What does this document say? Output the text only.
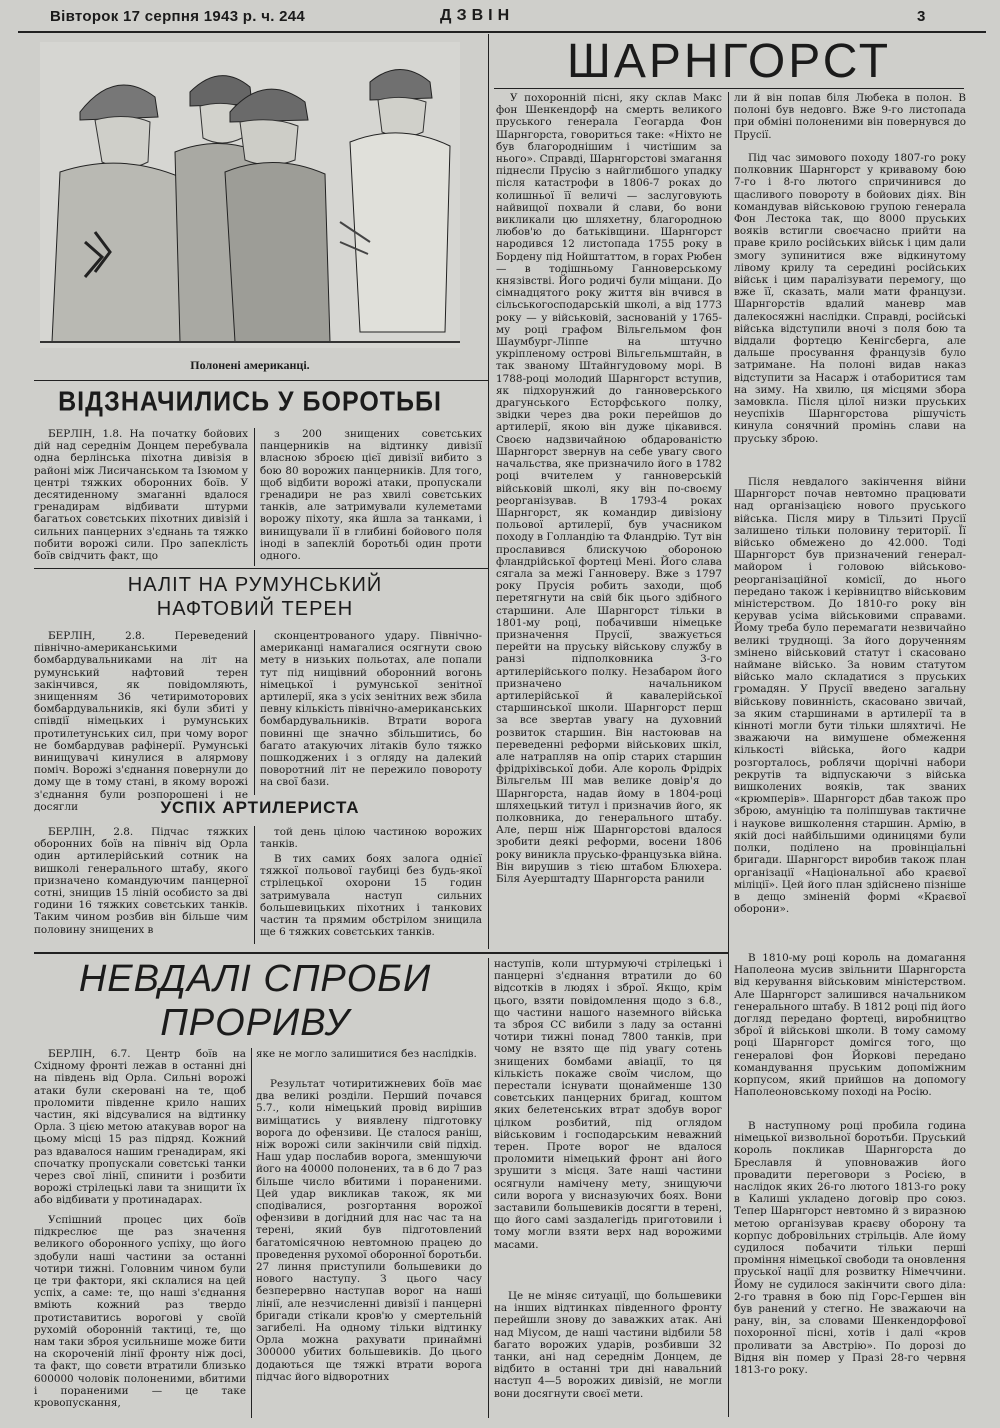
Вівторок 17 серпня 1943 р. ч. 244	ДЗВІН	3
Полонені американці.
ВІДЗНАЧИЛИСЬ У БОРОТЬБІ

БЕРЛІН, 1.8. На початку бойових дій над середнім Донцем перебувала одна берлінська піхотна дивізія в районі між Лисичанськом та Ізюмом у центрі тяжких оборонних боїв. У десятиденному змаганні вдалося гренадирам відбивати штурми багатьох совєтських піхотних дивізій і сильних панцерних з'єднань та тяжко побити ворожі сили. Про запеклість боїв свідчить факт, що

з 200 знищених совєтських панцерників на відтинку дивізії власною зброєю цієї дивізії вибито з бою 80 ворожих панцерників. Для того, щоб відбити ворожі атаки, пропускали гренадири не раз хвилі совєтських танків, але затримували кулеметами ворожу піхоту, яка йшла за танками, і винищували її в глибині бойового поля іноді в запеклій боротьбі один проти одного.

НАЛІТ НА РУМУНСЬКИЙ
НАФТОВИЙ ТЕРЕН

БЕРЛІН, 2.8. Переведений північно-американськими бомбардувальниками на літ на румунський нафтовий терен закінчився, як повідомляють, знищенням 36 четиримоторових бомбардувальників, які були збиті у співдії німецьких і румунських протилетунських сил, при чому ворог не бомбардував рафінерії. Румунські винищувачі кинулися в алярмову поміч. Ворожі з'єднання повернули до дому ще в тому стані, в якому ворожі з'єднання були розпорошені і не досягли

сконцентрованого удару. Північно-американці намагалися осягнути свою мету в низьких польотах, але попали тут під нищівний оборонний вогонь німецької і румунської зенітної артилерії, яка з усіх зенітних веж збила певну кількість північно-американських бомбардувальників. Втрати ворога повинні ще значно збільшитись, бо багато атакуючих літаків було тяжко пошкоджених і з огляду на далекий поворотний літ не пережило повороту на свої бази.

УСПІХ АРТИЛЕРИСТА

БЕРЛІН, 2.8. Підчас тяжких оборонних боїв на північ від Орла один артилерійський сотник на вишколі генерального штабу, якого призначено командуючим панцерної сотні, знищив 15 ліній особисто за дві години 16 тяжких совєтських танків. Таким чином розбив він більше чим половину знищених в

той день цілою частиною ворожих танків.

В тих самих боях залога однієї тяжкої польової гаубиці без будь-якої стрілецької охорони 15 годин затримувала наступ сильних большевицьких піхотних і танкових частин та прямим обстрілом знищила ще 6 тяжких совєтських танків.

ШАРНГОРСТ

У похоронній пісні, яку склав Макс фон Шенкендорф на смерть великого пруського генерала Геогарда Фон Шарнгорста, говориться таке: «Ніхто не був благороднішим і чистішим за нього». Справді, Шарнгорстові змагання піднесли Прусію з найглибшого упадку після катастрофи в 1806-7 роках до колишньої її величі — заслуговують найвищої похвали й слави, бо вони викликали цю шляхетну, благородною любов'ю до батьківщини. Шарнгорст народився 12 листопада 1755 року в Бордену під Нойштаттом, в горах Рюбен — в тодішньому Ганноверському князівстві. Його родичі були міщани. До сімнадцятого року життя він вчився в сільськогосподарській школі, а від 1773 року — у військовій, заснованій у 1765-му році графом Вільгельмом фон Шаумбург-Ліппе на штучно укріпленому острові Вільгельмштайн, в так званому Штайнгудовому морі. В 1788-році молодий Шарнгорст вступив, як підхорунжий до ганноверського драгунського Есторфського полку, звідки через два роки перейшов до артилерії, якою він дуже цікавився. Своєю надзвичайною обдарованістю Шарнгорст звернув на себе увагу свого начальства, яке призначило його в 1782 році вчителем у ганноверській військовій школі, яку він по-своєму реорганізував. В 1793-4 роках Шарнгорст, як командир дивізіону польової артилерії, був учасником походу в Голландію та Фландрію. Тут він прославився блискучою обороною фландрійської фортеці Мені. Його слава сягала за межі Ганноверу. Вже з 1797 року Прусія робить заходи, щоб перетягнути на свій бік цього здібного старшини. Але Шарнгорст тільки в 1801-му році, побачивши німецьке призначення Прусії, зважується перейти на пруську військову службу в ранзі підполковника 3-го артилерійського полку. Незабаром його призначено начальником артилерійської й кавалерійської старшинської школи. Шарнгорст перш за все звертав увагу на духовний розвиток старшин. Він настоював на переведенні реформи військових шкіл, але натрапляв на опір старих старшин фрідріхівської доби. Але король Фрідріх Вільгельм III мав велике довір'я до Шарнгорста, надав йому в 1804-році шляхецький титул і призначив його, як полковника, до генерального штабу. Але, перш ніж Шарнгорстові вдалося зробити деякі реформи, восени 1806 року виникла прусько-французька війна. Він вирушив з тією штабом Блюхера. Біля Ауерштадту Шарнгорста ранили

ли й він попав біля Любека в полон. В полоні був недовго. Вже 9-го листопада при обміні полоненими він повернувся до Прусії.

Під час зимового походу 1807-го року полковник Шарнгорст у кривавому бою 7-го і 8-го лютого спричинився до щасливого повороту в бойових діях. Він командував військовою групою генерала Фон Лестока так, що 8000 пруських вояків встигли своєчасно прийти на праве крило російських військ і цим дали змогу зупинитися вже відкинутому лівому крилу та середині російських військ і цим паралізувати перемогу, що вже її, сказать, мали мати французи. Шарнгорстів вдалий маневр мав далекосяжні наслідки. Справді, російські війська відступили вночі з поля бою та віддали фортецю Кенігсберга, але дальше просування французів було затримане. На полоні видав наказ відступити за Насарж і отаборитися там на зиму. На хвилю, ця місцями збора замовкла. Після цілої низки пруських неуспіхів Шарнгорстова рішучість кинула сонячний промінь слави на пруську зброю.

Після невдалого закінчення війни Шарнгорст почав невтомно працювати над організацією нового пруського війська. Після миру в Тільзиті Прусії залишено тільки половину території. Її військо обмежено до 42.000. Тоді Шарнгорст був призначений генерал-майором і головою військово-реорганізаційної комісії, до нього передано також і керівництво військовим міністерством. До 1810-го року він керував усіма військовими справами. Йому треба було перемагати незвичайно великі труднощі. За його дорученням змінено військовий статут і скасовано наймане військо. За новим статутом військо мало складатися з пруських громадян. У Прусії введено загальну військову повинність, скасовано звичай, за яким старшинами в артилерії та в кінноті могли бути тільки шляхтичі. Не зважаючи на вимушене обмеження кількості війська, його кадри розгорталось, роблячи щорічні набори рекрутів та відпускаючи з війська вишколених вояків, так званих «крюмперів». Шарнгорст дбав також про зброю, амуніцію та поліпшував тактичне і наукове вишколення старшин. Армію, в якій досі найбільшими одиницями були полки, поділено на провінціальні бригади. Шарнгорст виробив також план організації «Національної або краєвої міліції». Цей його план здійснено пізніше в дещо зміненій формі «Краєвої оборони».

В 1810-му році король на домагання Наполеона мусив звільнити Шарнгорста від керування військовим міністерством. Але Шарнгорст залишився начальником генерального штабу. В 1812 році під його догляд передано фортеці, виробництво зброї й військові школи. В тому самому році Шарнгорст домігся того, що генералові фон Йоркові передано командування пруським допоміжним корпусом, який прийшов на допомогу Наполеоновському поході на Росію.

В наступному році пробила година німецької визвольної боротьби. Пруський король покликав Шарнгорста до Бреславля й уповноважив його провадити переговори з Росією, в наслідок яких 26-го лютого 1813-го року в Калиші укладено договір про союз. Тепер Шарнгорст невтомно й з виразною метою організував краєву оборону та корпус добровільних стрільців. Але йому судилося побачити тільки перші проміння німецької свободи та оновлення пруської нації для розвитку Німеччини. Йому не судилося закінчити свого діла: 2-го травня в бою під Горс-Гершен він був ранений у стегно. Не зважаючи на рану, він, за словами Шенкендорфової похоронної пісні, хотів і далі «кров проливати за Австрію». По дорозі до Відня він помер у Празі 28-го червня 1813-го року.

НЕВДАЛІ СПРОБИ
ПРОРИВУ

БЕРЛІН, 6.7. Центр боїв на Східному фронті лежав в останні дні на південь від Орла. Сильні ворожі атаки були скеровані на те, щоб проломити південне крило наших частин, які відсувалися на відтинку Орла. З цією метою атакував ворог на цьому місці 15 раз підряд. Кожний раз вдавалося нашим гренадирам, які спочатку пропускали совєтські танки через свої лінії, спинити і розбити ворожі стрілецькі лави та знищити їх або відбивати у протинадарах.

Успішний процес цих боїв підкреслює ще раз значення великого оборонного успіху, що його здобули наші частини за останні чотири тижні. Головним чином були це три фактори, які склалися на цей успіх, а саме: те, що наші з'єднання вміють кожний раз твердо протиставитись ворогові у своїй рухомій оборонній тактиці, те, що нам таки зброя усильнише може бити на скороченій лінії фронту ніж досі, та факт, що совєти втратили близько 600000 чоловік полоненими, вбитими і пораненими — це таке кровопускання,

яке не могло залишитися без наслідків.

Результат чотиритижневих боїв має два великі розділи. Перший почався 5.7., коли німецький провід вирішив виміщатись у виявлену підготовку ворога до офензиви. Це сталося раніш, ніж ворожі сили закінчили свій підхід. Наш удар послабив ворога, зменшуючи його на 40000 полонених, та в 6 до 7 раз більше число вбитими і пораненими. Цей удар викликав також, як ми сподівалися, розгортання ворожої офензиви в догідний для нас час та на терені, який був підготовлений багатомісячною невтомною працею до проведення рухомої оборонної боротьби. 27 линня приступили большевики до нового наступу. З цього часу безперервно наступав ворог на наші лінії, але незчисленні дивізії і панцерні бригади стікали кров'ю у смертельній загибелі. На одному тільки відтинку Орла можна рахувати принаймні 300000 убитих большевиків. До цього додаються ще тяжкі втрати ворога підчас його відворотних

наступів, коли штурмуючі стрілецькі і панцерні з'єднання втратили до 60 відсотків в людях і зброї. Якщо, крім цього, взяти повідомлення щодо з 6.8., що частини нашого наземного війська та зброя СС вибили з ладу за останні чотири тижні понад 7800 танків, при чому не взято ще під увагу сотень знищених бомбами авіації, то ця кількість покаже своїм числом, що перестали існувати щонайменше 130 совєтських панцерних бригад, коштом яких белетенських втрат здобув ворог цілком розбитий, під оглядом військовим і господарським неважний терен. Проте ворог не вдалося проломити німецький фронт ані його зрушити з місця. Зате наші частини осягнули намічену мету, знищуючи сили ворога у висназуючих боях. Вони заставили большевиків досягти в терені, що його самі заздалегідь приготовили і тому могли взяти верх над ворожими масами.

Це не міняє ситуації, що большевики на інших відтинках південного фронту перейшли знову до заважких атак. Ані над Міусом, де наші частини відбили 58 багато ворожих ударів, розбивши 32 танки, ані над середнім Донцем, де відбито в останні три дні навальний наступ 4—5 ворожих дивізій, не могли вони досягнути своєї мети.
